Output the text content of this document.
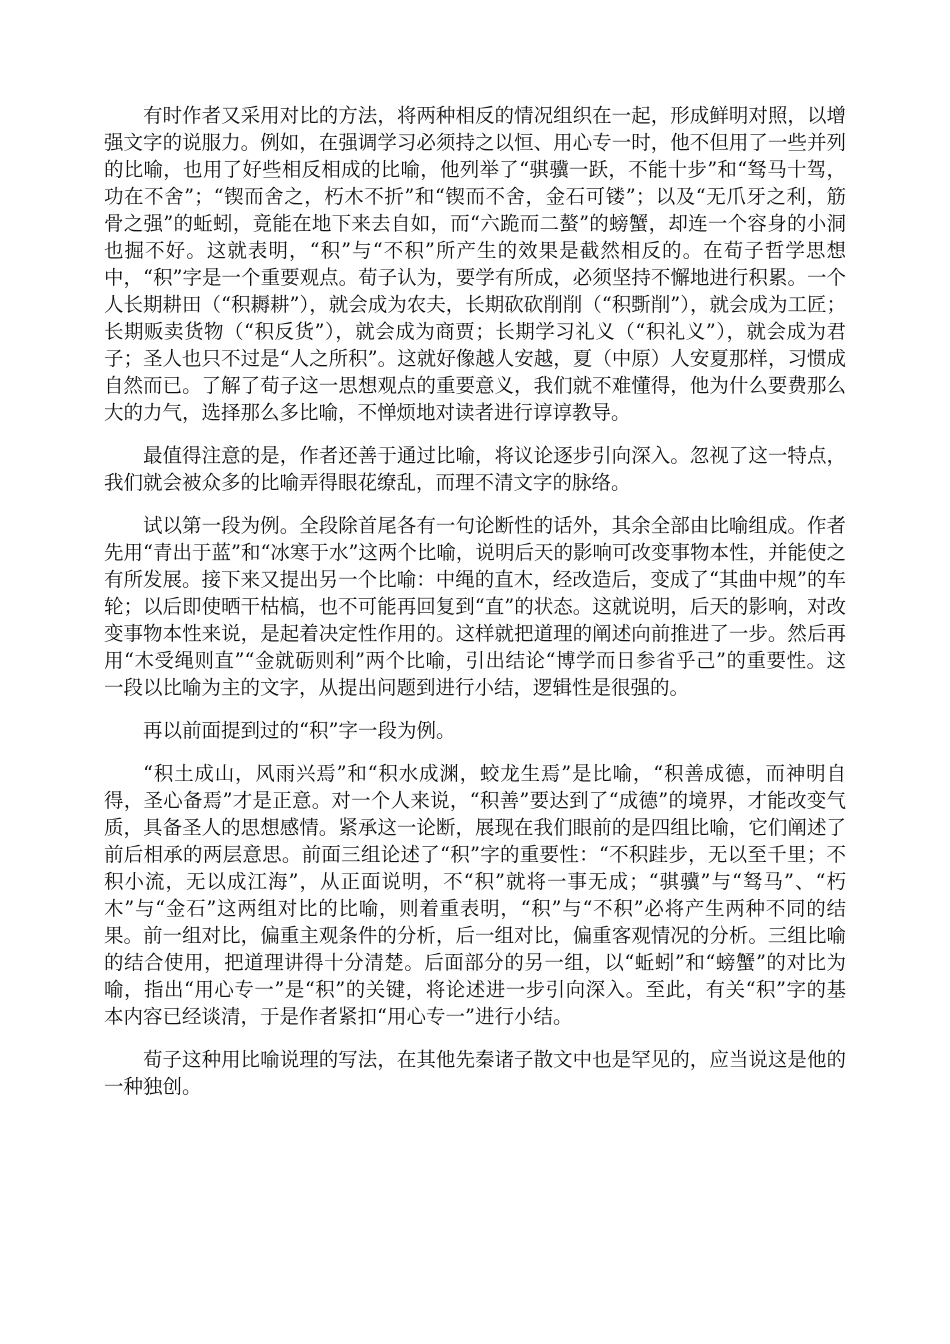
有时作者又采用对比的方法，将两种相反的情况组织在一起，形成鲜明对照，以增强文字的说服力。例如，在强调学习必须持之以恒、用心专一时，他不但用了一些并列的比喻，也用了好些相反相成的比喻，他列举了“骐骥一跃，不能十步”和“驽马十驾，功在不舍”；“锲而舍之，朽木不折”和“锲而不舍，金石可镂”；以及“无爪牙之利，筋骨之强”的蚯蚓，竟能在地下来去自如，而“六跪而二螯”的螃蟹，却连一个容身的小洞也掘不好。这就表明，“积”与“不积”所产生的效果是截然相反的。在荀子哲学思想中，“积”字是一个重要观点。荀子认为，要学有所成，必须坚持不懈地进行积累。一个人长期耕田（“积耨耕”），就会成为农夫，长期砍砍削削（“积斲削”），就会成为工匠；长期贩卖货物（“积反货”），就会成为商贾；长期学习礼义（“积礼义”），就会成为君子；圣人也只不过是“人之所积”。这就好像越人安越，夏（中原）人安夏那样，习惯成自然而已。了解了荀子这一思想观点的重要意义，我们就不难懂得，他为什么要费那么大的力气，选择那么多比喻，不惮烦地对读者进行谆谆教导。

最值得注意的是，作者还善于通过比喻，将议论逐步引向深入。忽视了这一特点，我们就会被众多的比喻弄得眼花缭乱，而理不清文字的脉络。

试以第一段为例。全段除首尾各有一句论断性的话外，其余全部由比喻组成。作者先用“青出于蓝”和“冰寒于水”这两个比喻，说明后天的影响可改变事物本性，并能使之有所发展。接下来又提出另一个比喻：中绳的直木，经改造后，变成了“其曲中规”的车轮；以后即使晒干枯槁，也不可能再回复到“直”的状态。这就说明，后天的影响，对改变事物本性来说，是起着决定性作用的。这样就把道理的阐述向前推进了一步。然后再用“木受绳则直”“金就砺则利”两个比喻，引出结论“博学而日参省乎己”的重要性。这一段以比喻为主的文字，从提出问题到进行小结，逻辑性是很强的。

再以前面提到过的“积”字一段为例。

“积土成山，风雨兴焉”和“积水成渊，蛟龙生焉”是比喻，“积善成德，而神明自得，圣心备焉”才是正意。对一个人来说，“积善”要达到了“成德”的境界，才能改变气质，具备圣人的思想感情。紧承这一论断，展现在我们眼前的是四组比喻，它们阐述了前后相承的两层意思。前面三组论述了“积”字的重要性：“不积跬步，无以至千里；不积小流，无以成江海”，从正面说明，不“积”就将一事无成；“骐骥”与“驽马”、“朽木”与“金石”这两组对比的比喻，则着重表明，“积”与“不积”必将产生两种不同的结果。前一组对比，偏重主观条件的分析，后一组对比，偏重客观情况的分析。三组比喻的结合使用，把道理讲得十分清楚。后面部分的另一组，以“蚯蚓”和“螃蟹”的对比为喻，指出“用心专一”是“积”的关键，将论述进一步引向深入。至此，有关“积”字的基本内容已经谈清，于是作者紧扣“用心专一”进行小结。

荀子这种用比喻说理的写法，在其他先秦诸子散文中也是罕见的，应当说这是他的一种独创。
